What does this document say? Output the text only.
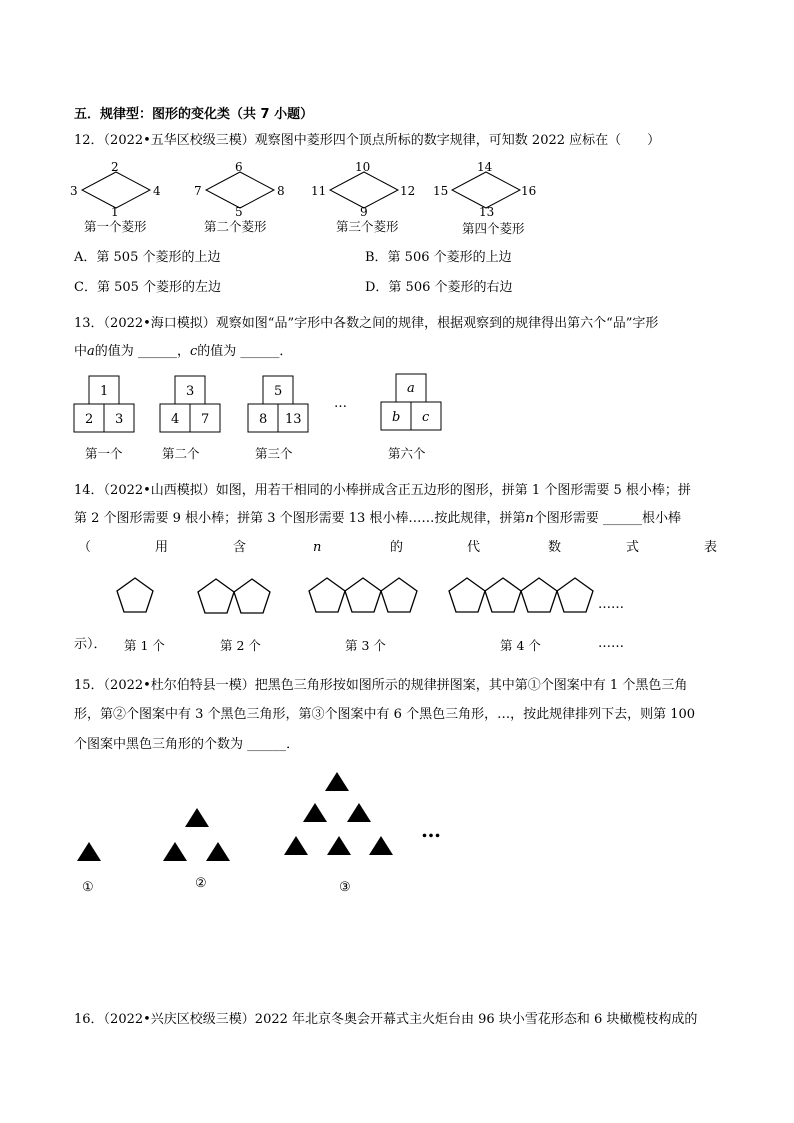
五．规律型：图形的变化类（共 7 小题）
12．（2022•五华区校级三模）观察图中菱形四个顶点所标的数字规律，可知数 2022 应标在（　　）
2
3	4
1
第一个菱形
6
7	8
5
第二个菱形
10
11	12
9
第三个菱形
14
15	16
13
第四个菱形
A．第 505 个菱形的上边	B．第 506 个菱形的上边
C．第 505 个菱形的左边	D．第 506 个菱形的右边
13．（2022•海口模拟）观察如图“品”字形中各数之间的规律，根据观察到的规律得出第六个“品”字形
中a的值为 ______，c的值为 ______．
1
2 3
第一个
3
4 7
第二个
5
8 13
第三个
…
a
b c
第六个
14．（2022•山西模拟）如图，用若干相同的小棒拼成含正五边形的图形，拼第 1 个图形需要 5 根小棒；拼
第 2 个图形需要 9 根小棒；拼第 3 个图形需要 13 根小棒……按此规律，拼第n个图形需要 ______根小棒
（	用	含	n	的	代	数	式	表
……
示）． 第 1 个	第 2 个	第 3 个	第 4 个	……
15．（2022•杜尔伯特县一模）把黑色三角形按如图所示的规律拼图案，其中第①个图案中有 1 个黑色三角
形，第②个图案中有 3 个黑色三角形，第③个图案中有 6 个黑色三角形，…，按此规律排列下去，则第 100
个图案中黑色三角形的个数为 ______．
…
①	②	③
16．（2022•兴庆区校级三模）2022 年北京冬奥会开幕式主火炬台由 96 块小雪花形态和 6 块橄榄枝构成的
